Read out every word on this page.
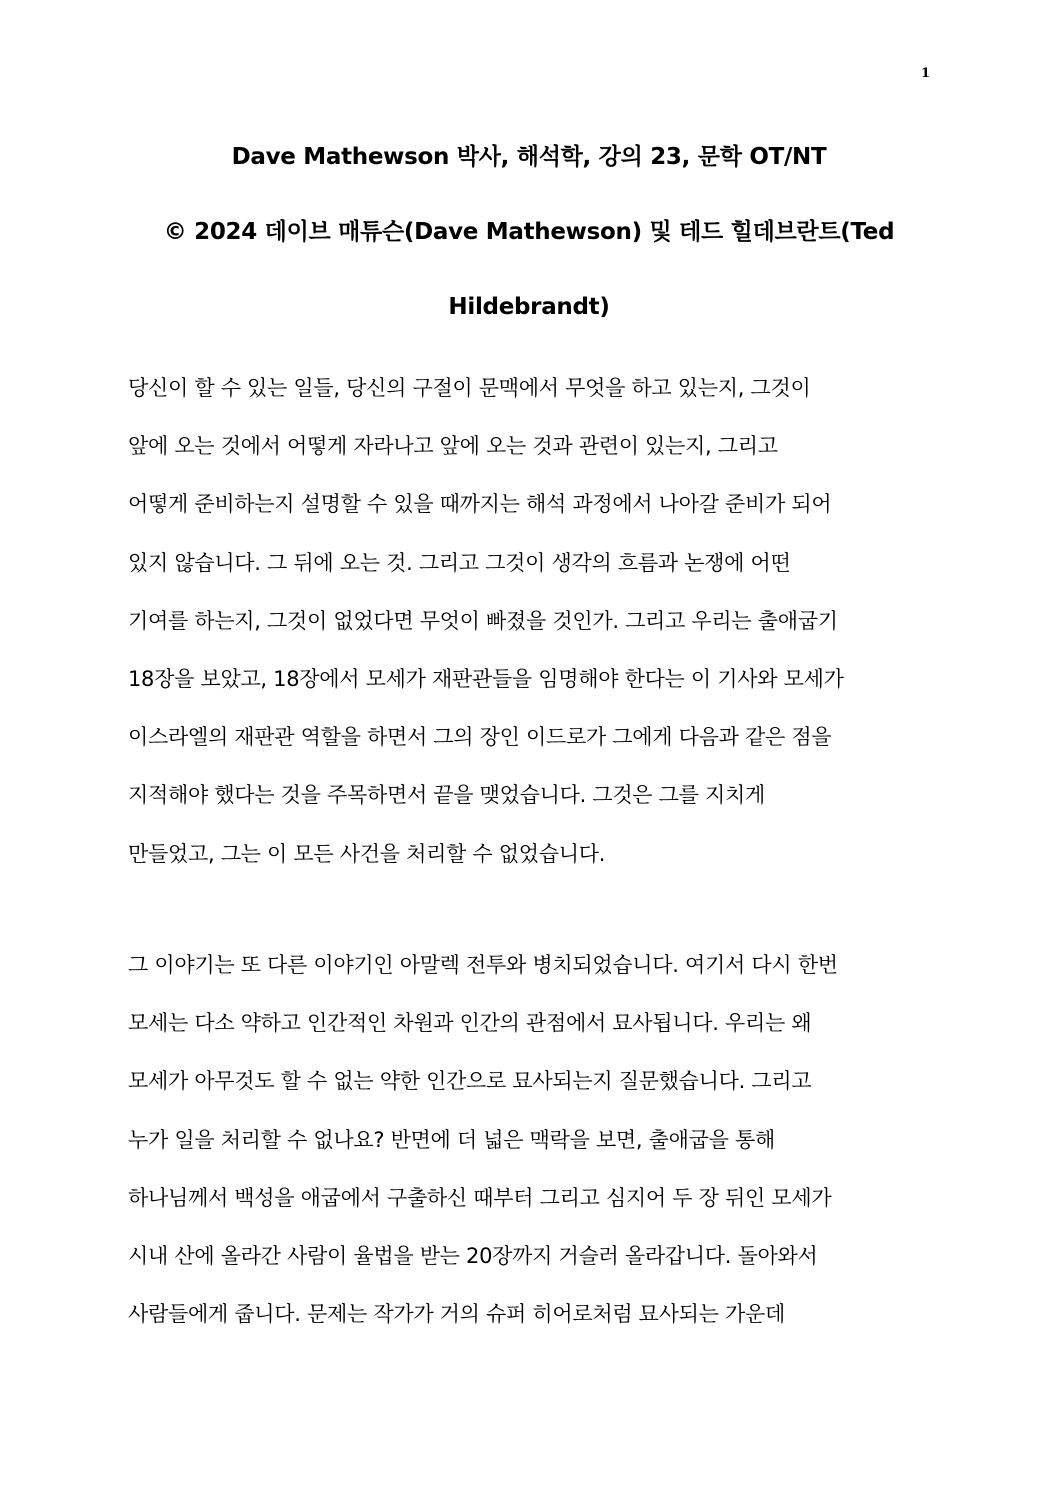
1
Dave Mathewson 박사, 해석학, 강의 23, 문학 OT/NT
© 2024 데이브 매튜슨(Dave Mathewson) 및 테드 힐데브란트(Ted
Hildebrandt)
당신이 할 수 있는 일들, 당신의 구절이 문맥에서 무엇을 하고 있는지, 그것이
앞에 오는 것에서 어떻게 자라나고 앞에 오는 것과 관련이 있는지, 그리고
어떻게 준비하는지 설명할 수 있을 때까지는 해석 과정에서 나아갈 준비가 되어
있지 않습니다. 그 뒤에 오는 것. 그리고 그것이 생각의 흐름과 논쟁에 어떤
기여를 하는지, 그것이 없었다면 무엇이 빠졌을 것인가. 그리고 우리는 출애굽기
18장을 보았고, 18장에서 모세가 재판관들을 임명해야 한다는 이 기사와 모세가
이스라엘의 재판관 역할을 하면서 그의 장인 이드로가 그에게 다음과 같은 점을
지적해야 했다는 것을 주목하면서 끝을 맺었습니다. 그것은 그를 지치게
만들었고, 그는 이 모든 사건을 처리할 수 없었습니다.
그 이야기는 또 다른 이야기인 아말렉 전투와 병치되었습니다. 여기서 다시 한번
모세는 다소 약하고 인간적인 차원과 인간의 관점에서 묘사됩니다. 우리는 왜
모세가 아무것도 할 수 없는 약한 인간으로 묘사되는지 질문했습니다. 그리고
누가 일을 처리할 수 없나요? 반면에 더 넓은 맥락을 보면, 출애굽을 통해
하나님께서 백성을 애굽에서 구출하신 때부터 그리고 심지어 두 장 뒤인 모세가
시내 산에 올라간 사람이 율법을 받는 20장까지 거슬러 올라갑니다. 돌아와서
사람들에게 줍니다. 문제는 작가가 거의 슈퍼 히어로처럼 묘사되는 가운데
